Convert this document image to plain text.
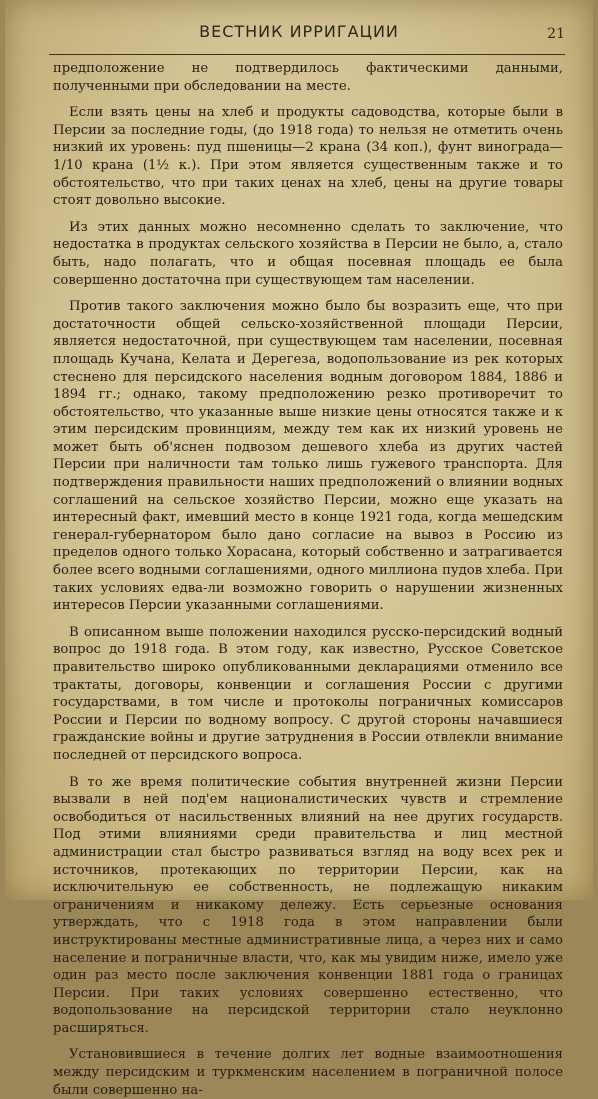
ВЕСТНИК ИРРИГАЦИИ	21

предположение не подтвердилось фактическими данными, полученными при обследовании на месте.

Если взять цены на хлеб и продукты садоводства, которые были в Персии за последние годы, (до 1918 года) то нельзя не отметить очень низкий их уровень: пуд пшеницы—2 крана (34 коп.), фунт винограда—1/10 крана (1½ к.). При этом является существенным также и то обстоятельство, что при таких ценах на хлеб, цены на другие товары стоят довольно высокие.

Из этих данных можно несомненно сделать то заключение, что недостатка в продуктах сельского хозяйства в Персии не было, а, стало быть, надо полагать, что и общая посевная площадь ее была совершенно достаточна при существующем там населении.

Против такого заключения можно было бы возразить еще, что при достаточности общей сельско-хозяйственной площади Персии, является недостаточной, при существующем там населении, посевная площадь Кучана, Келата и Дерегеза, водопользование из рек которых стеснено для персидского населения водным договором 1884, 1886 и 1894 гг.; однако, такому предположению резко противоречит то обстоятельство, что указанные выше низкие цены относятся также и к этим персидским провинциям, между тем как их низкий уровень не может быть об'яснен подвозом дешевого хлеба из других частей Персии при наличности там только лишь гужевого транспорта. Для подтверждения правильности наших предположений о влиянии водных соглашений на сельское хозяйство Персии, можно еще указать на интересный факт, имевший место в конце 1921 года, когда мешедским генерал-губернатором было дано согласие на вывоз в Россию из пределов одного только Хорасана, который собственно и затрагивается более всего водными соглашениями, одного миллиона пудов хлеба. При таких условиях едва-ли возможно говорить о нарушении жизненных интересов Персии указанными соглашениями.

В описанном выше положении находился русско-персидский водный вопрос до 1918 года. В этом году, как известно, Русское Советское правительство широко опубликованными декларациями отменило все трактаты, договоры, конвенции и соглашения России с другими государствами, в том числе и протоколы пограничных комиссаров России и Персии по водному вопросу. С другой стороны начавшиеся гражданские войны и другие затруднения в России отвлекли внимание последней от персидского вопроса.

В то же время политические события внутренней жизни Персии вызвали в ней под'ем националистических чувств и стремление освободиться от насильственных влияний на нее других государств. Под этими влияниями среди правительства и лиц местной администрации стал быстро развиваться взгляд на воду всех рек и источников, протекающих по территории Персии, как на исключительную ее собственность, не подлежащую никаким ограничениям и никакому дележу. Есть серьезные основания утверждать, что с 1918 года в этом направлении были инструктированы местные административные лица, а через них и само население и пограничные власти, что, как мы увидим ниже, имело уже один раз место после заключения конвенции 1881 года о границах Персии. При таких условиях совершенно естественно, что водопользование на персидской территории стало неуклонно расширяться.

Установившиеся в течение долгих лет водные взаимоотношения между персидским и туркменским населением в пограничной полосе были совершенно на-
